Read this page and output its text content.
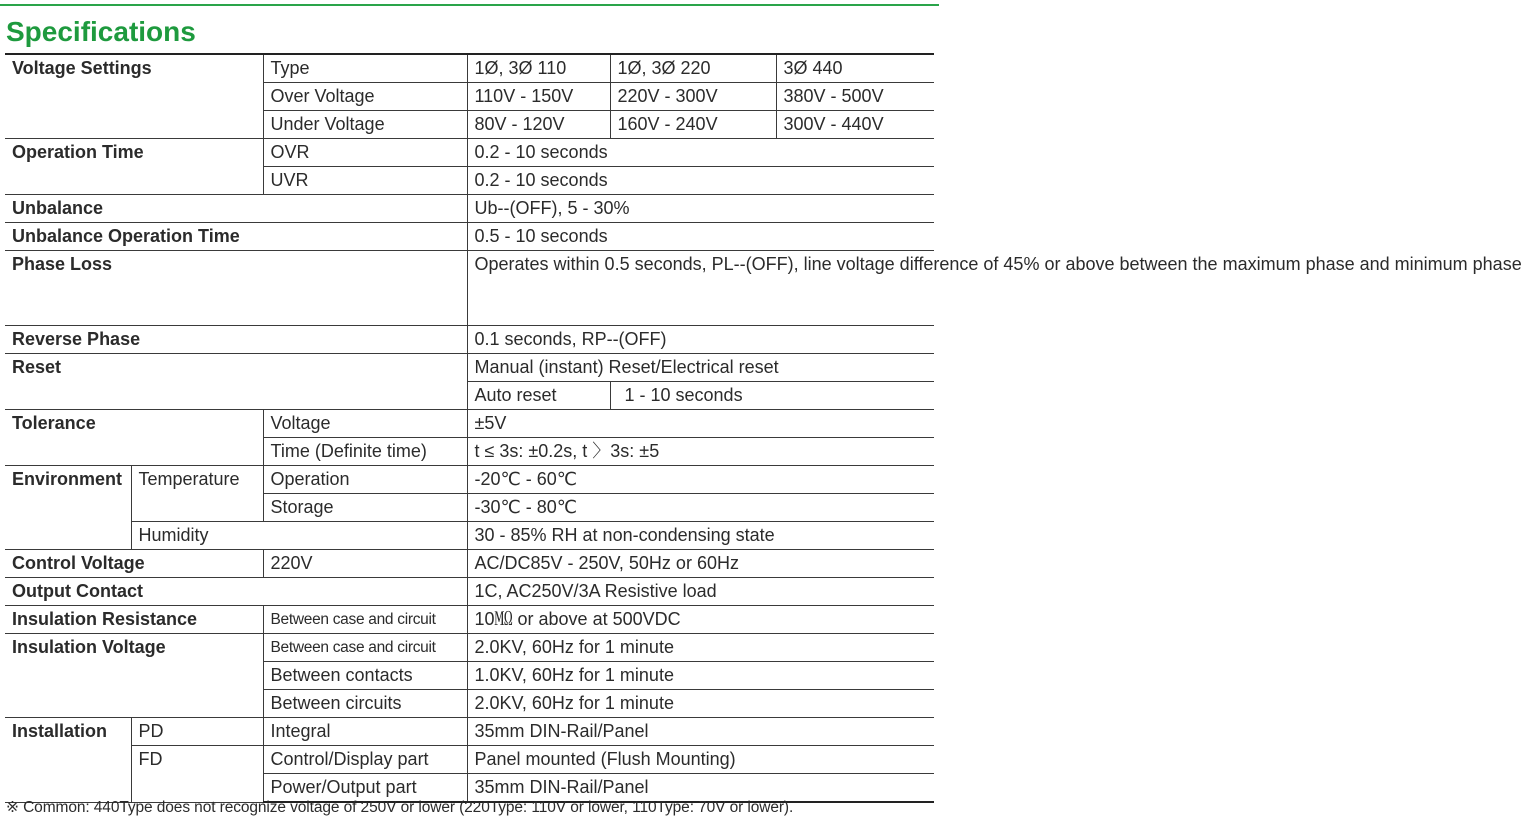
Specifications
Voltage Settings		Type	1Ø, 3Ø 110	1Ø, 3Ø 220	3Ø 440
		Over Voltage	110V - 150V	220V - 300V	380V - 500V
		Under Voltage	80V - 120V	160V - 240V	300V - 440V
Operation Time		OVR	0.2 - 10 seconds		
		UVR	0.2 - 10 seconds		
Unbalance			Ub--(OFF), 5 - 30%		
Unbalance Operation Time			0.5 - 10 seconds		
Phase Loss			Operates within 0.5 seconds, PL--(OFF), line voltage difference of 45% or above between the maximum phase and minimum phase		
Reverse Phase			0.1 seconds, RP--(OFF)		
Reset			Manual (instant) Reset/Electrical reset		
			Auto reset	1 - 10 seconds	
Tolerance		Voltage	±5V		
		Time (Definite time)	t ≤ 3s: ±0.2s, t 〉3s: ±5		
Environment	Temperature	Operation	-20℃ - 60℃		
		Storage	-30℃ - 80℃		
	Humidity		30 - 85% RH at non-condensing state		
Control Voltage		220V	AC/DC85V - 250V, 50Hz or 60Hz		
Output Contact			1C, AC250V/3A Resistive load		
Insulation Resistance		Between case and circuit	10㏁ or above at 500VDC		
Insulation Voltage		Between case and circuit	2.0KV, 60Hz for 1 minute		
		Between contacts	1.0KV, 60Hz for 1 minute		
		Between circuits	2.0KV, 60Hz for 1 minute		
Installation	PD	Integral	35mm DIN-Rail/Panel		
	FD	Control/Display part	Panel mounted (Flush Mounting)		
		Power/Output part	35mm DIN-Rail/Panel		

※ Common: 440Type does not recognize voltage of 250V or lower (220Type: 110V or lower, 110Type: 70V or lower).
